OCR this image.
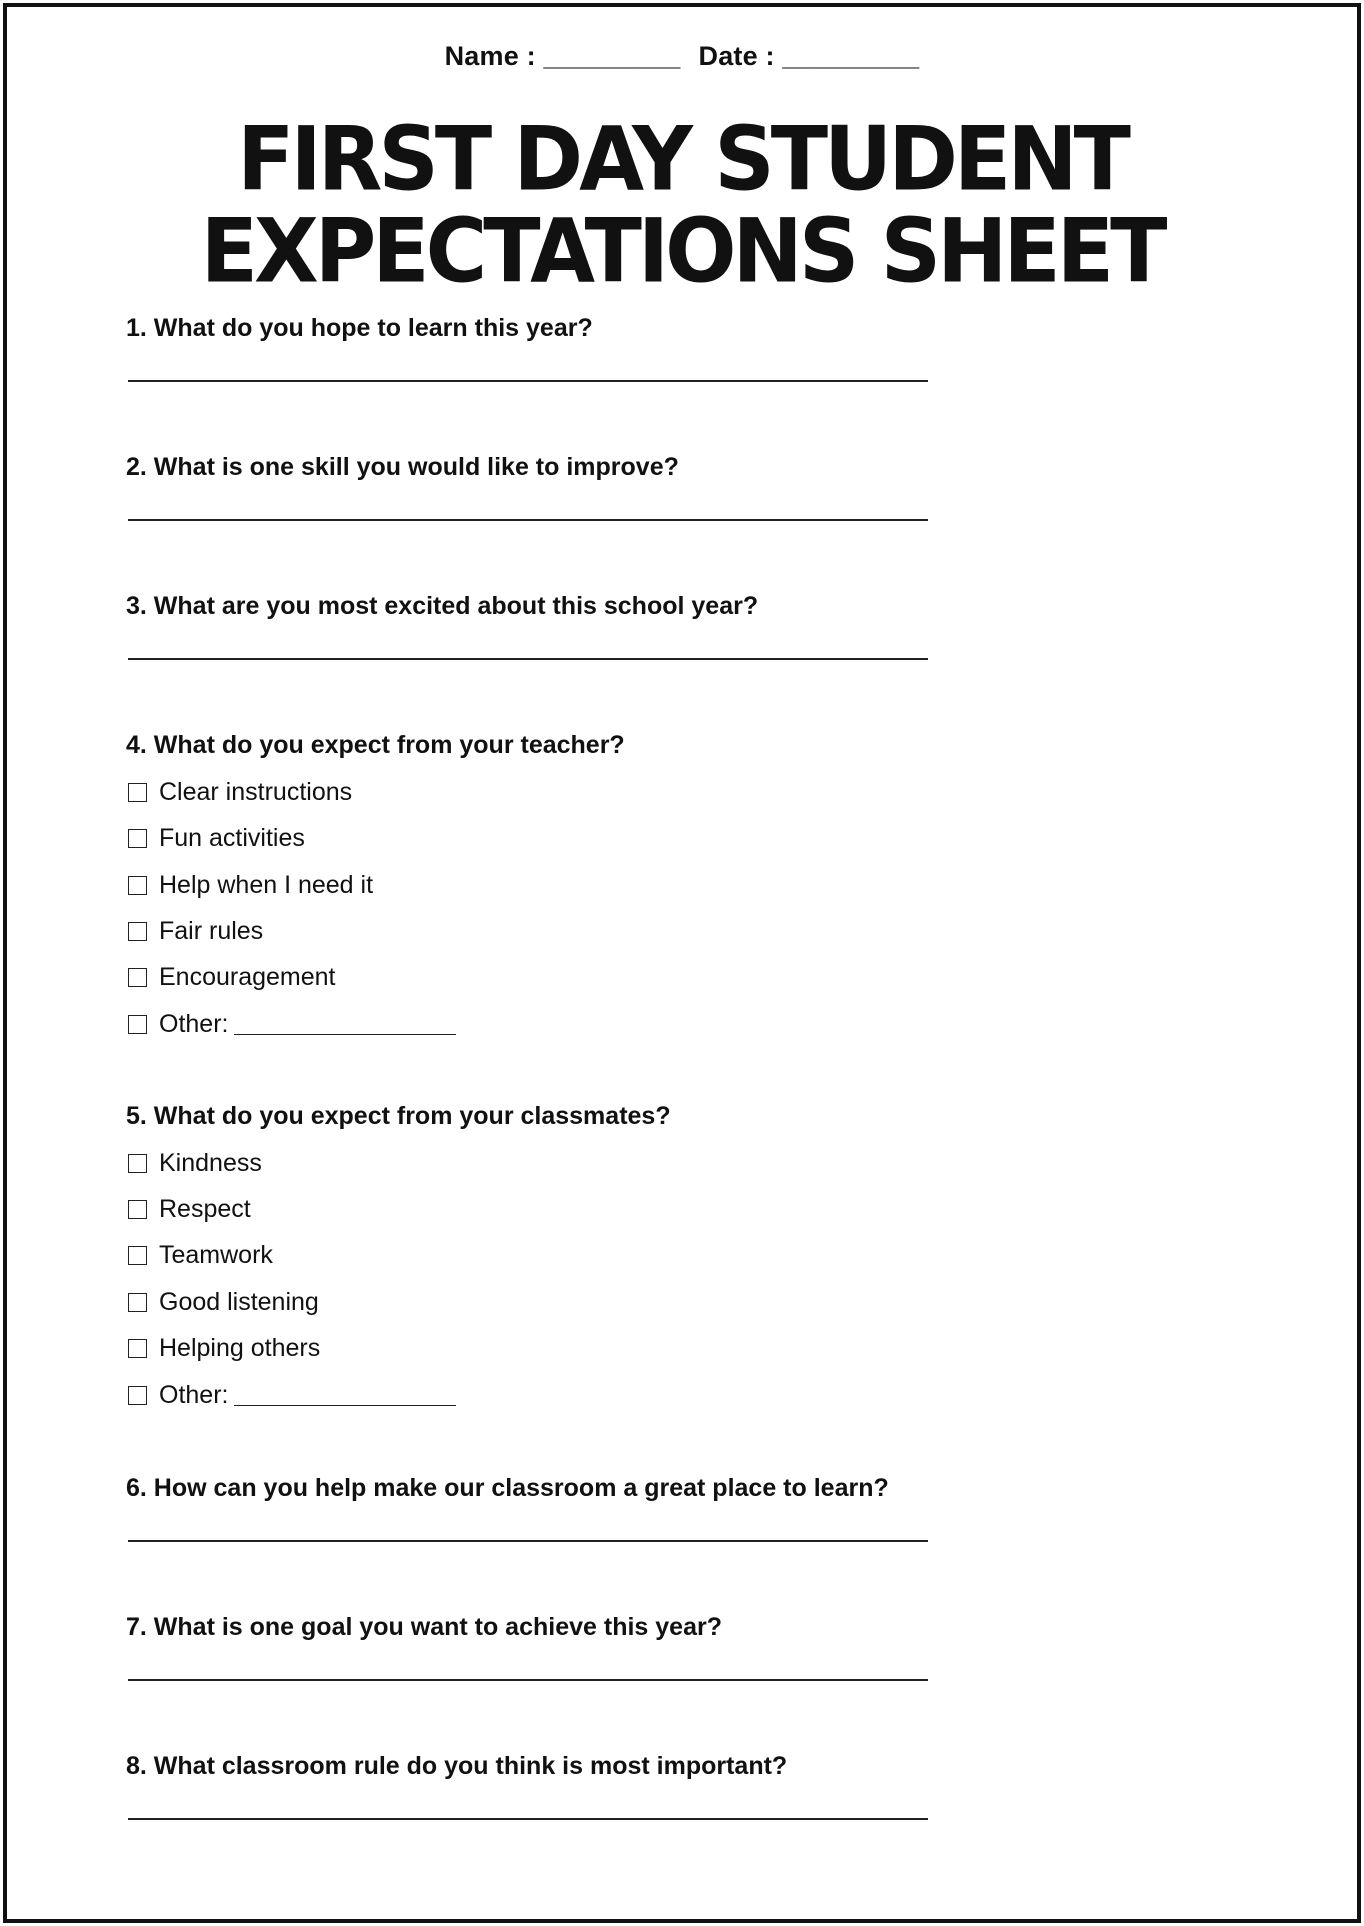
Name : _________ Date : _________
FIRST DAY STUDENT
EXPECTATIONS SHEET
1. What do you hope to learn this year?
2. What is one skill you would like to improve?
3. What are you most excited about this school year?
4. What do you expect from your teacher?
Clear instructions
Fun activities
Help when I need it
Fair rules
Encouragement
Other:
5. What do you expect from your classmates?
Kindness
Respect
Teamwork
Good listening
Helping others
Other:
6. How can you help make our classroom a great place to learn?
7. What is one goal you want to achieve this year?
8. What classroom rule do you think is most important?
